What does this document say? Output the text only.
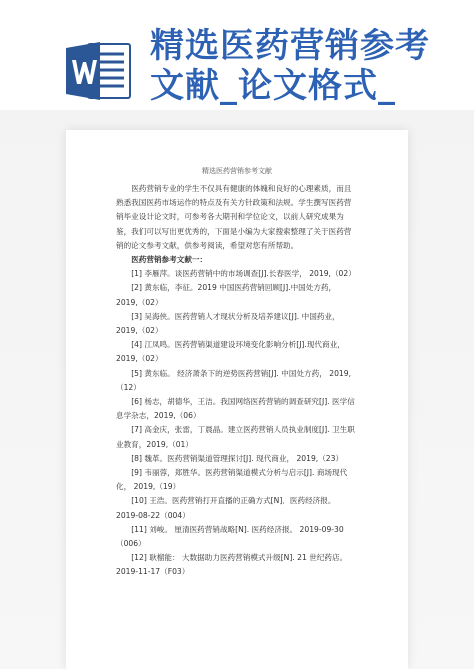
精选医药营销参考文献_论文格式_
精选医药营销参考文献

医药营销专业的学生不仅具有健康的体魄和良好的心理素质，而且熟悉我国医药市场运作的特点及有关方针政策和法规。学生撰写医药营销毕业设计论文时，可参考各大期刊和学位论文，以前人研究成果为鉴，我们可以写出更优秀的，下面是小编为大家搜索整理了关于医药营销的论文参考文献，供参考阅读，希望对您有所帮助。

医药营销参考文献一：

[1] 李雁萍。谈医药营销中的市场调查[J].长春医学， 2019,（02）

[2] 黄东临，李征。2019 中国医药营销回顾[J].中国处方药， 2019,（02）

[3] 吴海侠。医药营销人才现状分析及培养建议[J]. 中国药业，2019,（02）

[4] 江凤鸣。医药营销渠道建设环境变化影响分析[J].现代商业，2019,（02）

[5] 黄东临。 经济萧条下的逆势医药营销[J]. 中国处方药， 2019,（12）

[6] 杨志，胡德华，王洁。我国网络医药营销的调查研究[J]. 医学信息学杂志，2019,（06）

[7] 高金庆，张雷，丁晨晶。建立医药营销人员执业制度[J]. 卫生职业教育，2019,（01）

[8] 魏革。医药营销渠道管理探讨[J]. 现代商业， 2019,（23）

[9] 韦丽蓉，郑胜华。医药营销渠道模式分析与启示[J]. 商场现代化， 2019,（19）

[10] 王浩。医药营销打开直播的正确方式[N]．医药经济报。2019-08-22（004）

[11] 刘峻。 厘清医药营销战略[N]. 医药经济报。 2019-09-30（006）

[12] 耿榴能： 大数据助力医药营销模式升级[N]. 21 世纪药店。2019-11-17（F03）
